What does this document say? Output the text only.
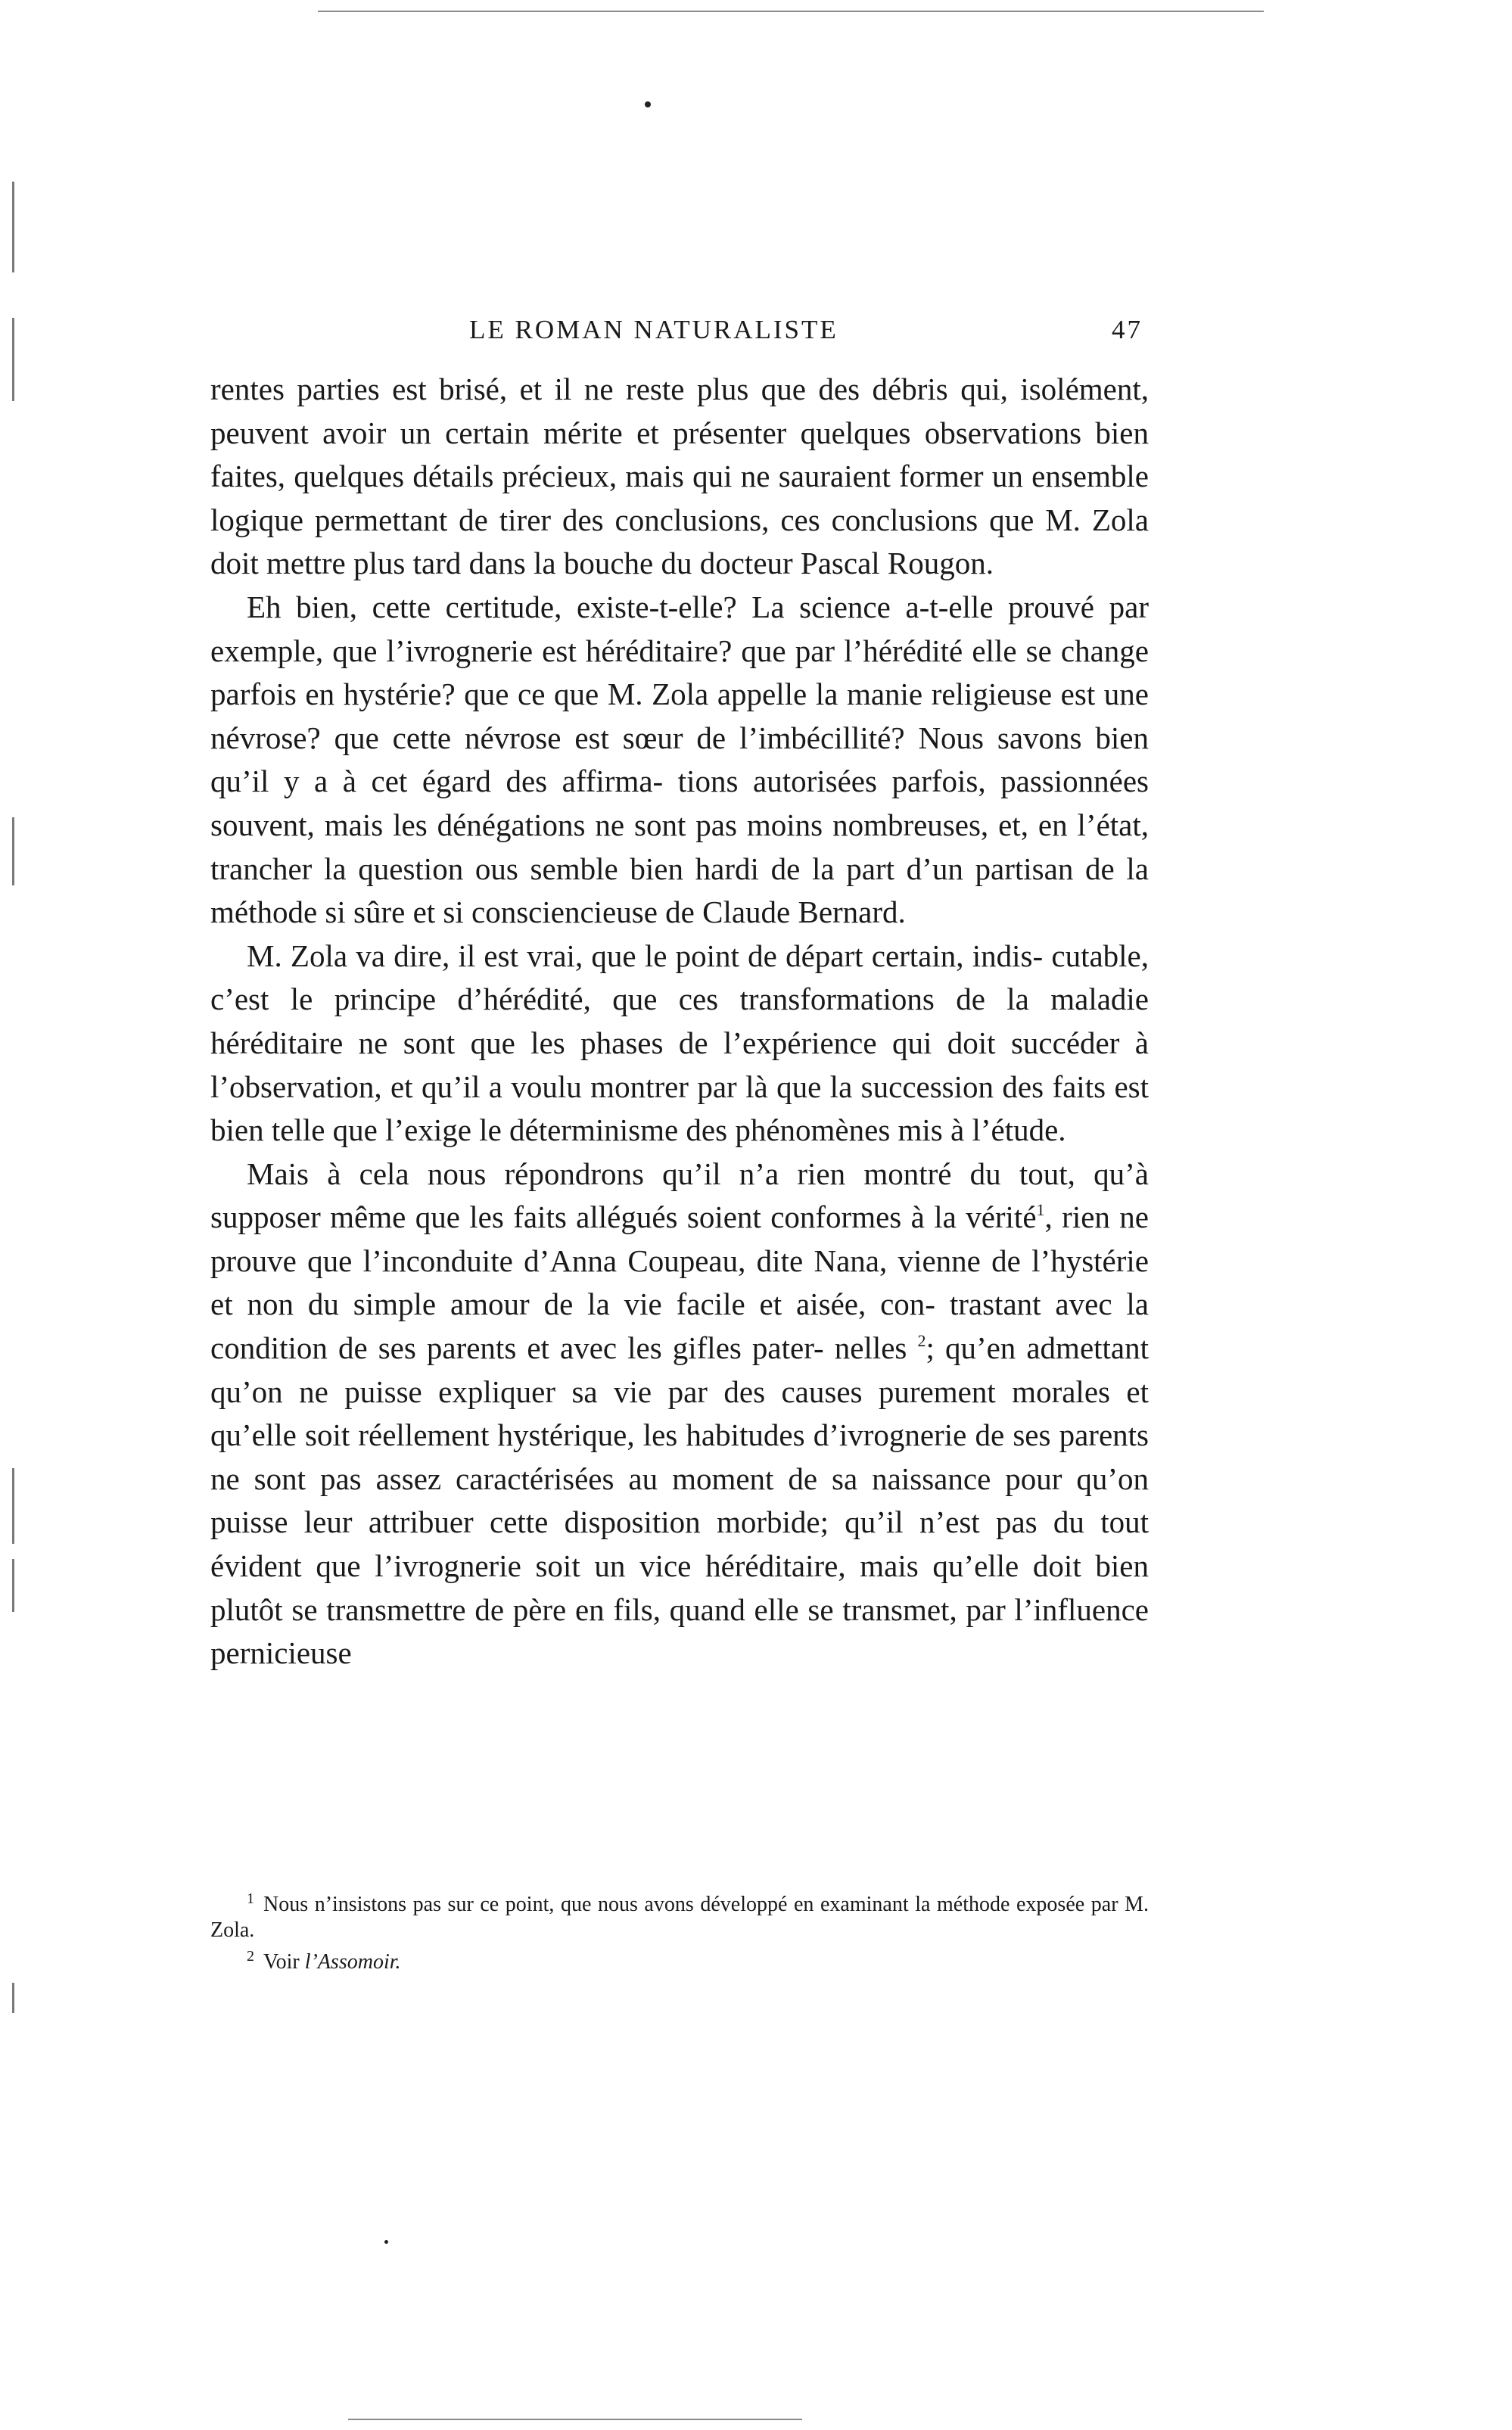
LE ROMAN NATURALISTE	47

rentes parties est brisé, et il ne reste plus que des débris qui, isolément, peuvent avoir un certain mérite et présenter quelques observations bien faites, quelques détails précieux, mais qui ne sauraient former un ensemble logique permettant de tirer des conclusions, ces conclusions que M. Zola doit mettre plus tard dans la bouche du docteur Pascal Rougon.

Eh bien, cette certitude, existe-t-elle? La science a-t-elle prouvé par exemple, que l’ivrognerie est héréditaire? que par l’hérédité elle se change parfois en hystérie? que ce que M. Zola appelle la manie religieuse est une névrose? que cette névrose est sœur de l’imbécillité? Nous savons bien qu’il y a à cet égard des affirma- tions autorisées parfois, passionnées souvent, mais les dénégations ne sont pas moins nombreuses, et, en l’état, trancher la question ous semble bien hardi de la part d’un partisan de la méthode si sûre et si consciencieuse de Claude Bernard.

M. Zola va dire, il est vrai, que le point de départ certain, indis- cutable, c’est le principe d’hérédité, que ces transformations de la maladie héréditaire ne sont que les phases de l’expérience qui doit succéder à l’observation, et qu’il a voulu montrer par là que la succession des faits est bien telle que l’exige le déterminisme des phénomènes mis à l’étude.

Mais à cela nous répondrons qu’il n’a rien montré du tout, qu’à supposer même que les faits allégués soient conformes à la vérité$^1$, rien ne prouve que l’inconduite d’Anna Coupeau, dite Nana, vienne de l’hystérie et non du simple amour de la vie facile et aisée, con- trastant avec la condition de ses parents et avec les gifles pater- nelles $^2$; qu’en admettant qu’on ne puisse expliquer sa vie par des causes purement morales et qu’elle soit réellement hystérique, les habitudes d’ivrognerie de ses parents ne sont pas assez caractérisées au moment de sa naissance pour qu’on puisse leur attribuer cette disposition morbide; qu’il n’est pas du tout évident que l’ivrognerie soit un vice héréditaire, mais qu’elle doit bien plutôt se transmettre de père en fils, quand elle se transmet, par l’influence pernicieuse

$^1$ Nous n’insistons pas sur ce point, que nous avons développé en examinant la méthode exposée par M. Zola.

$^2$ Voir l’Assomoir.
